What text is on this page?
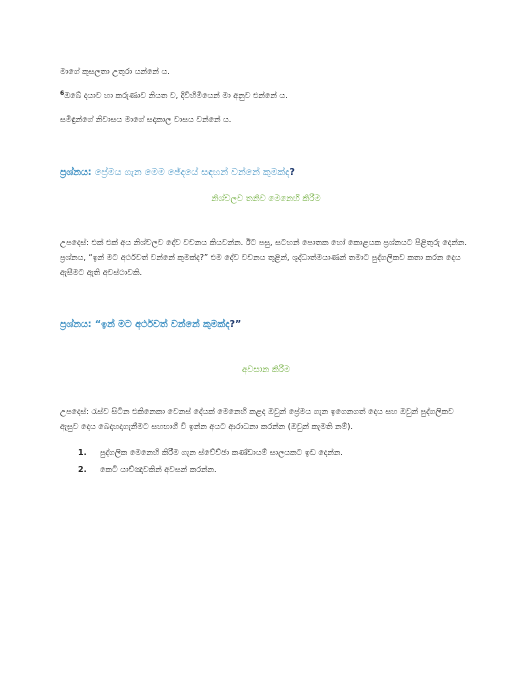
මාගේ කුසලතා උතුරා යන්නේ ය.

$^6$ඔබේ දයාව හා කරුණාව නියත ව, දිවිහිමියෙන් මා අනුව එන්නේ ය.

සමිඳුන්ගේ නිවාසය මාගේ සදාකාල වාසය වන්නේ ය.

ප්‍රශ්නය: ප්‍රේමය ගැන මෙම ඡේදයේ සඳහන් වන්නේ කුමක්ද?

නිශ්චලව තනිව මෙනෙහි කිරීම

උපදෙස්: එක් එක් අය නිශ්චලව දේව වචනය කියවන්න. ඊට පසු, සටහන් පොතක හෝ කොළයක ප්‍රශ්නයට පිළිතුරු දෙන්න. ප්‍රශ්නය, “ඉන් මට අර්ථවත් වන්නේ කුමක්ද?” එම දේව වචනය තුළින්, ශුද්ධාත්මයාණන් තමාට පුද්ගලිකව කතා කරන දෙය ඇසීමට ඇති අවස්ථාවකි.

ප්‍රශ්නය: “ඉන් මට අර්ථවත් වන්නේ කුමක්ද?”

අවසාන කිරීම

උපදෙස්: රැස්ව සිටින එකිනෙකා වෙනස් දේයක් මෙනෙහි කළද ඔවුන් ප්‍රේමය ගැන ඉගෙනගත් දෙය සහ ඔවුන් පුද්ගලිකව ඇසුව දෙය බෙදාහදාගැනීමට සහභාගී වී ඉන්න අයට ආරාධනා කරන්න (ඔවුන් කැමති නම්).

1.	පුද්ගලික මෙනෙහි කිරීම ගැන ස්වේච්ඡා කණ්ඩායම් සාලයකට ඉඩ දෙන්න.
2.	කෙටි යාච්ඤාවකින් අවසන් කරන්න.
